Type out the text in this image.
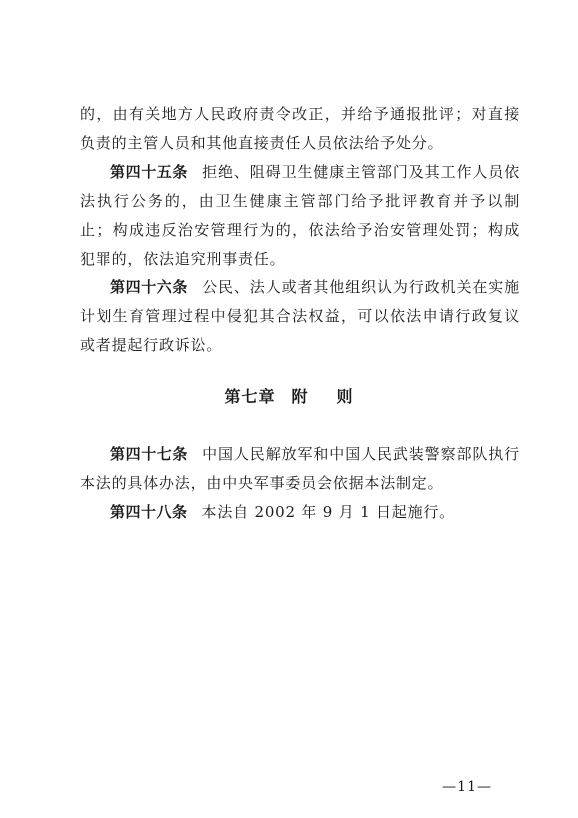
的，由有关地方人民政府责令改正，并给予通报批评；对直接负责的主管人员和其他直接责任人员依法给予处分。
第四十五条 拒绝、阻碍卫生健康主管部门及其工作人员依法执行公务的，由卫生健康主管部门给予批评教育并予以制止；构成违反治安管理行为的，依法给予治安管理处罚；构成犯罪的，依法追究刑事责任。
第四十六条 公民、法人或者其他组织认为行政机关在实施计划生育管理过程中侵犯其合法权益，可以依法申请行政复议或者提起行政诉讼。
第七章 附 则
第四十七条 中国人民解放军和中国人民武装警察部队执行本法的具体办法，由中央军事委员会依据本法制定。
第四十八条 本法自 2002 年 9 月 1 日起施行。
—11—
